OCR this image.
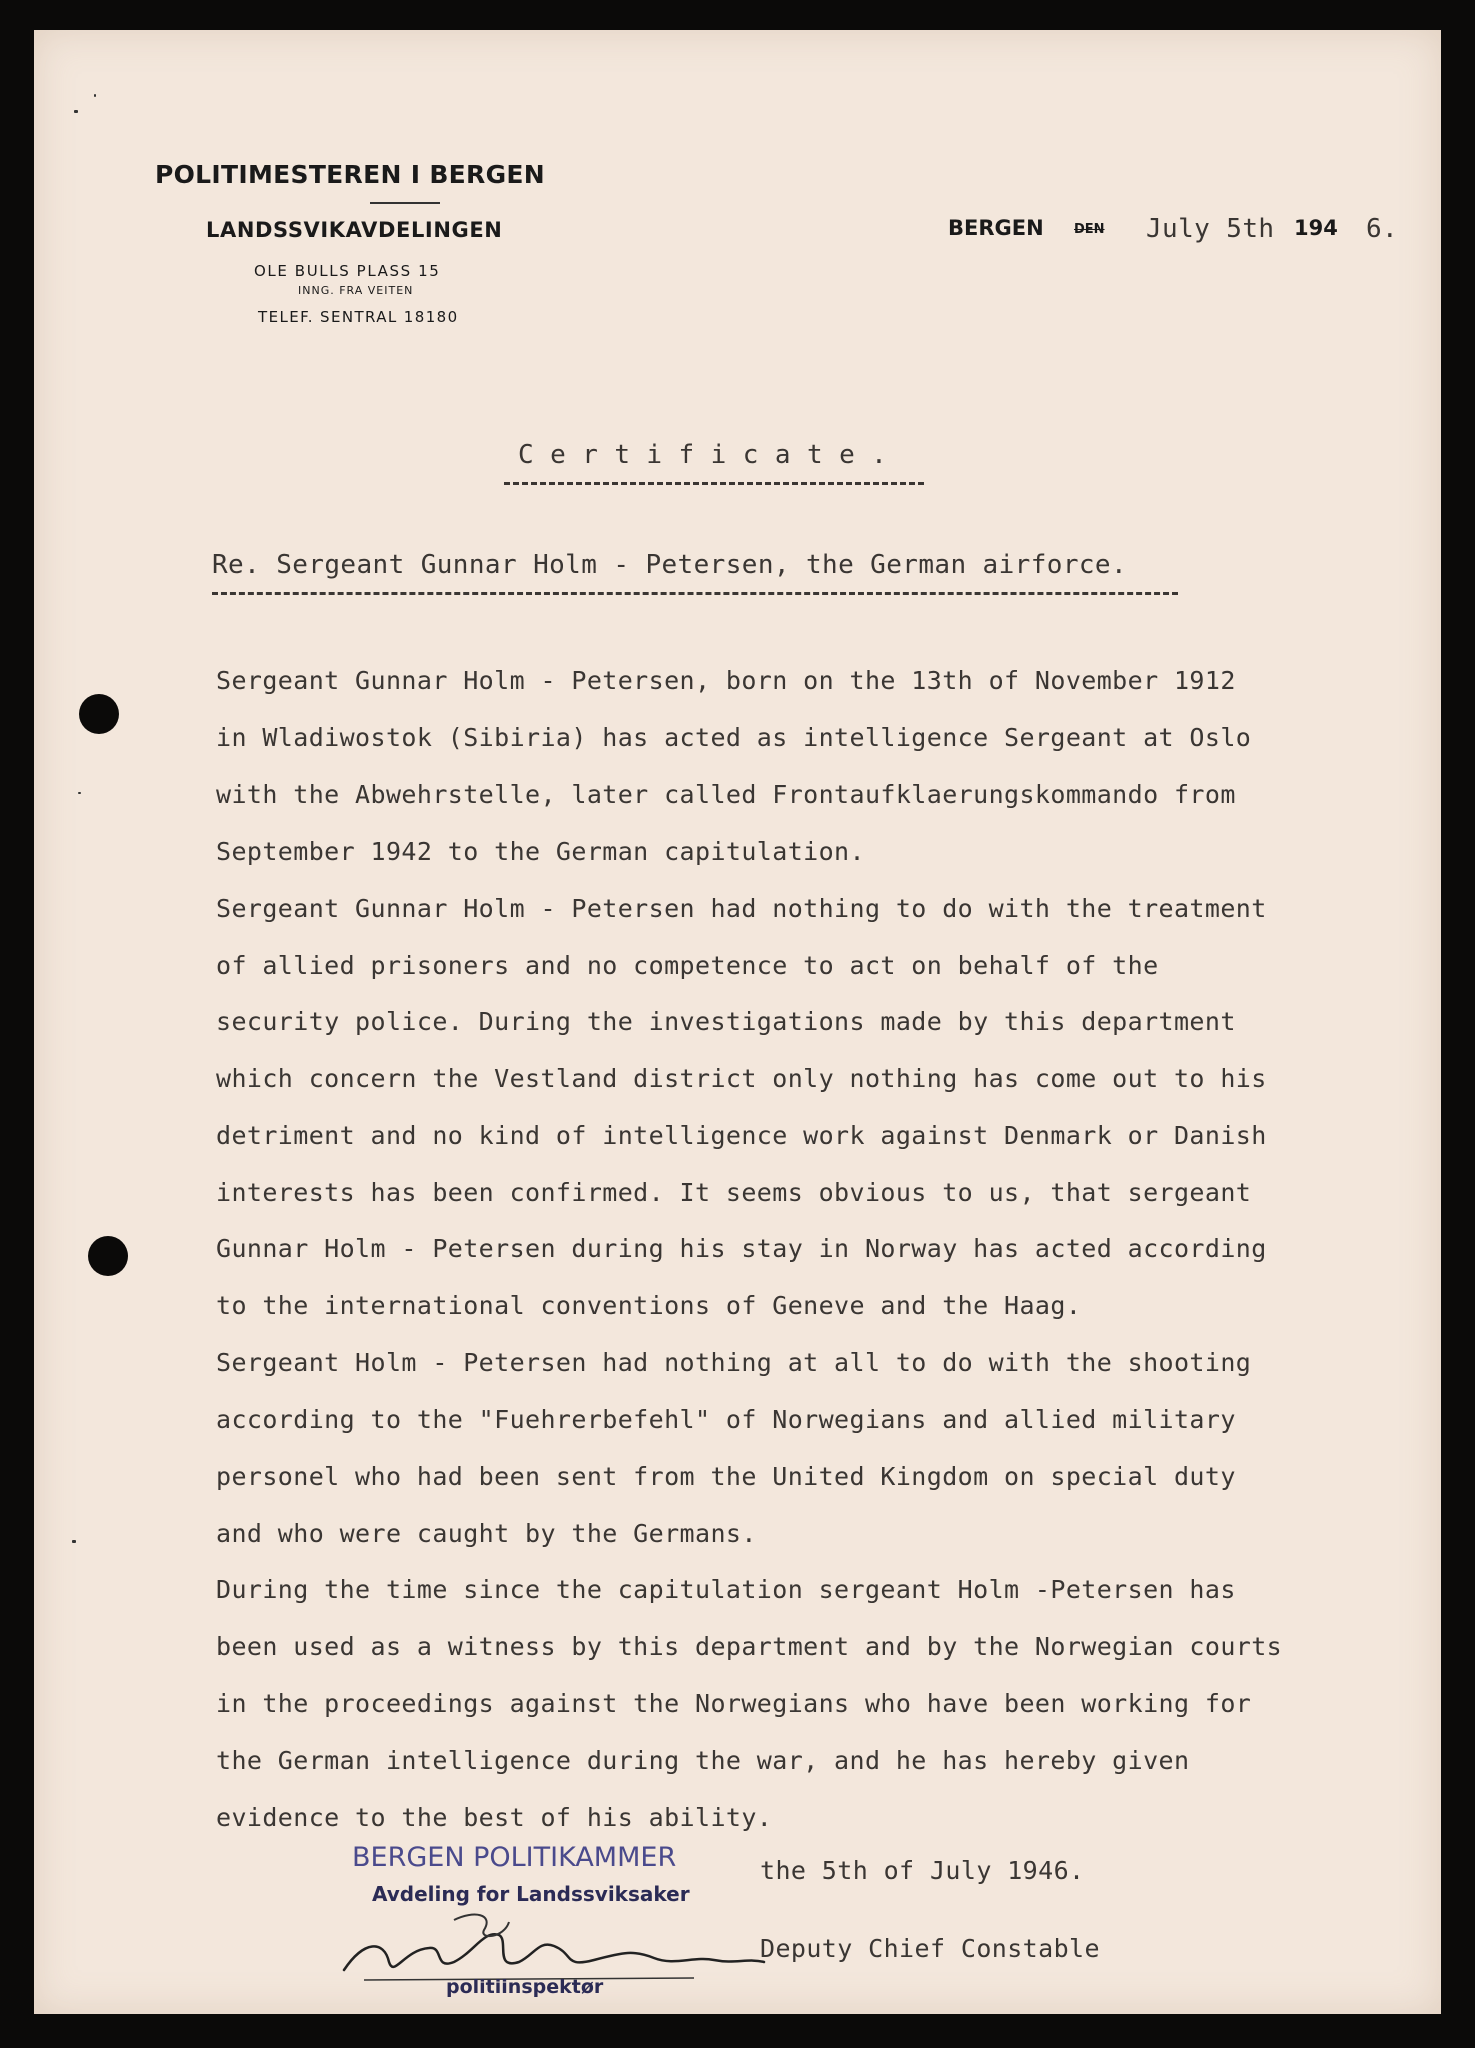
POLITIMESTEREN I BERGEN
LANDSSVIKAVDELINGEN
OLE BULLS PLASS 15
INNG. FRA VEITEN
TELEF. SENTRAL 18180
BERGEN DEN July 5th 194 6.
C e r t i f i c a t e .
Re. Sergeant Gunnar Holm - Petersen, the German airforce.
Sergeant Gunnar Holm - Petersen, born on the 13th of November 1912
in Wladiwostok (Sibiria) has acted as intelligence Sergeant at Oslo
with the Abwehrstelle, later called Frontaufklaerungskommando from
September 1942 to the German capitulation.
Sergeant Gunnar Holm - Petersen had nothing to do with the treatment
of allied prisoners and no competence to act on behalf of the
security police. During the investigations made by this department
which concern the Vestland district only nothing has come out to his
detriment and no kind of intelligence work against Denmark or Danish
interests has been confirmed. It seems obvious to us, that sergeant
Gunnar Holm - Petersen during his stay in Norway has acted according
to the international conventions of Geneve and the Haag.
Sergeant Holm - Petersen had nothing at all to do with the shooting
according to the "Fuehrerbefehl" of Norwegians and allied military
personel who had been sent from the United Kingdom on special duty
and who were caught by the Germans.
During the time since the capitulation sergeant Holm -Petersen has
been used as a witness by this department and by the Norwegian courts
in the proceedings against the Norwegians who have been working for
the German intelligence during the war, and he has hereby given
evidence to the best of his ability.
BERGEN POLITIKAMMER
Avdeling for Landssviksaker
politiinspektør
the 5th of July 1946.
Deputy Chief Constable
